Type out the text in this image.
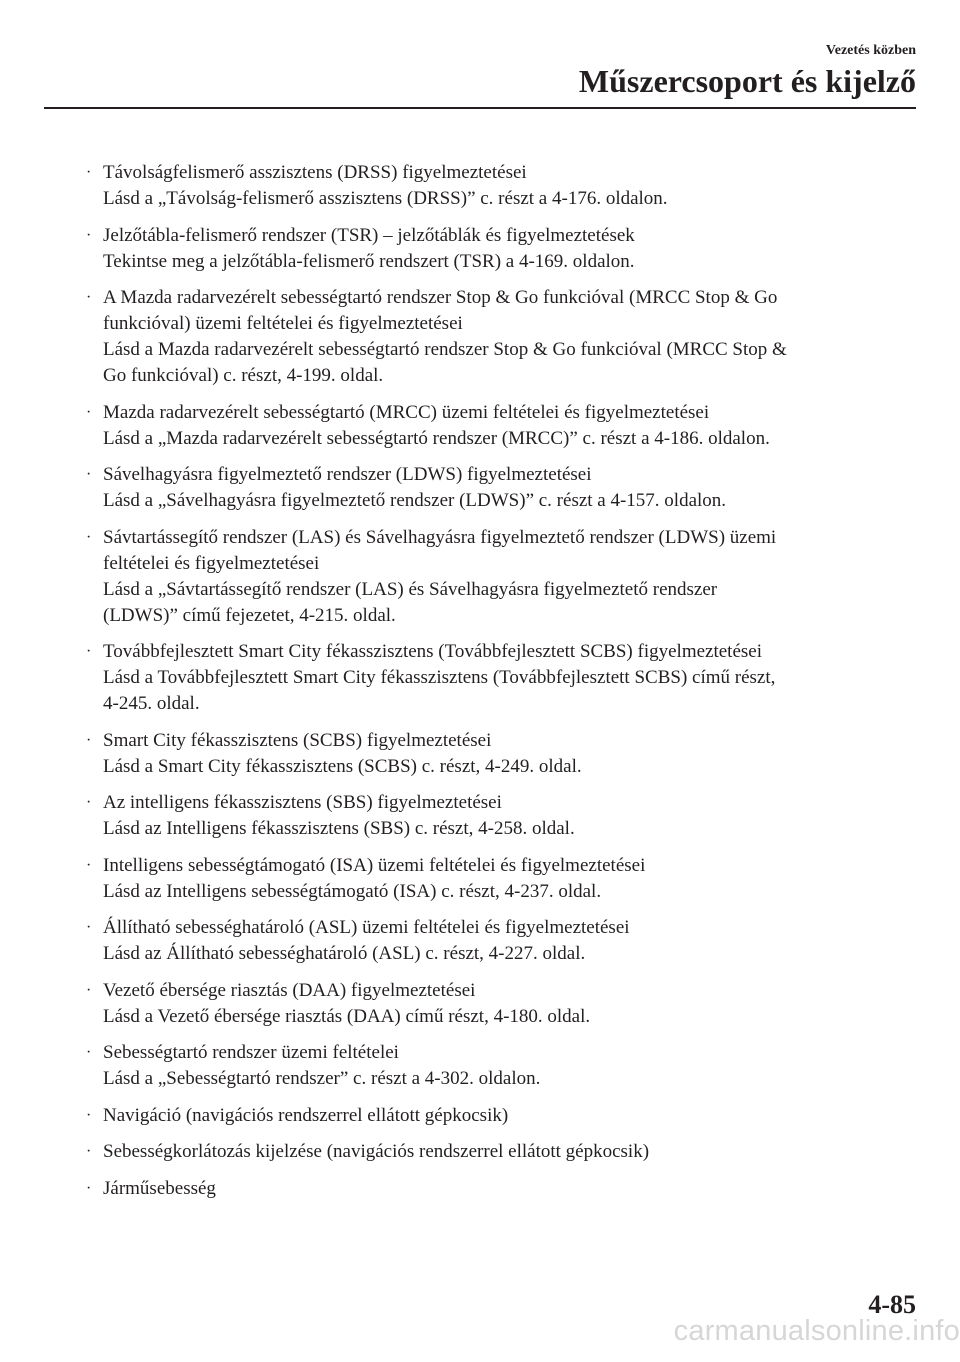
Vezetés közben
Műszercsoport és kijelző
· Távolságfelismerő asszisztens (DRSS) figyelmeztetései
Lásd a „Távolság-felismerő asszisztens (DRSS)” c. részt a 4-176. oldalon.
· Jelzőtábla-felismerő rendszer (TSR) – jelzőtáblák és figyelmeztetések
Tekintse meg a jelzőtábla-felismerő rendszert (TSR) a 4-169. oldalon.
· A Mazda radarvezérelt sebességtartó rendszer Stop & Go funkcióval (MRCC Stop & Go
funkcióval) üzemi feltételei és figyelmeztetései
Lásd a Mazda radarvezérelt sebességtartó rendszer Stop & Go funkcióval (MRCC Stop &
Go funkcióval) c. részt, 4-199. oldal.
· Mazda radarvezérelt sebességtartó (MRCC) üzemi feltételei és figyelmeztetései
Lásd a „Mazda radarvezérelt sebességtartó rendszer (MRCC)” c. részt a 4-186. oldalon.
· Sávelhagyásra figyelmeztető rendszer (LDWS) figyelmeztetései
Lásd a „Sávelhagyásra figyelmeztető rendszer (LDWS)” c. részt a 4-157. oldalon.
· Sávtartássegítő rendszer (LAS) és Sávelhagyásra figyelmeztető rendszer (LDWS) üzemi
feltételei és figyelmeztetései
Lásd a „Sávtartássegítő rendszer (LAS) és Sávelhagyásra figyelmeztető rendszer
(LDWS)” című fejezetet, 4-215. oldal.
· Továbbfejlesztett Smart City fékasszisztens (Továbbfejlesztett SCBS) figyelmeztetései
Lásd a Továbbfejlesztett Smart City fékasszisztens (Továbbfejlesztett SCBS) című részt,
4-245. oldal.
· Smart City fékasszisztens (SCBS) figyelmeztetései
Lásd a Smart City fékasszisztens (SCBS) c. részt, 4-249. oldal.
· Az intelligens fékasszisztens (SBS) figyelmeztetései
Lásd az Intelligens fékasszisztens (SBS) c. részt, 4-258. oldal.
· Intelligens sebességtámogató (ISA) üzemi feltételei és figyelmeztetései
Lásd az Intelligens sebességtámogató (ISA) c. részt, 4-237. oldal.
· Állítható sebességhatároló (ASL) üzemi feltételei és figyelmeztetései
Lásd az Állítható sebességhatároló (ASL) c. részt, 4-227. oldal.
· Vezető ébersége riasztás (DAA) figyelmeztetései
Lásd a Vezető ébersége riasztás (DAA) című részt, 4-180. oldal.
· Sebességtartó rendszer üzemi feltételei
Lásd a „Sebességtartó rendszer” c. részt a 4-302. oldalon.
· Navigáció (navigációs rendszerrel ellátott gépkocsik)
· Sebességkorlátozás kijelzése (navigációs rendszerrel ellátott gépkocsik)
· Járműsebesség
4-85
carmanualsonline.info
